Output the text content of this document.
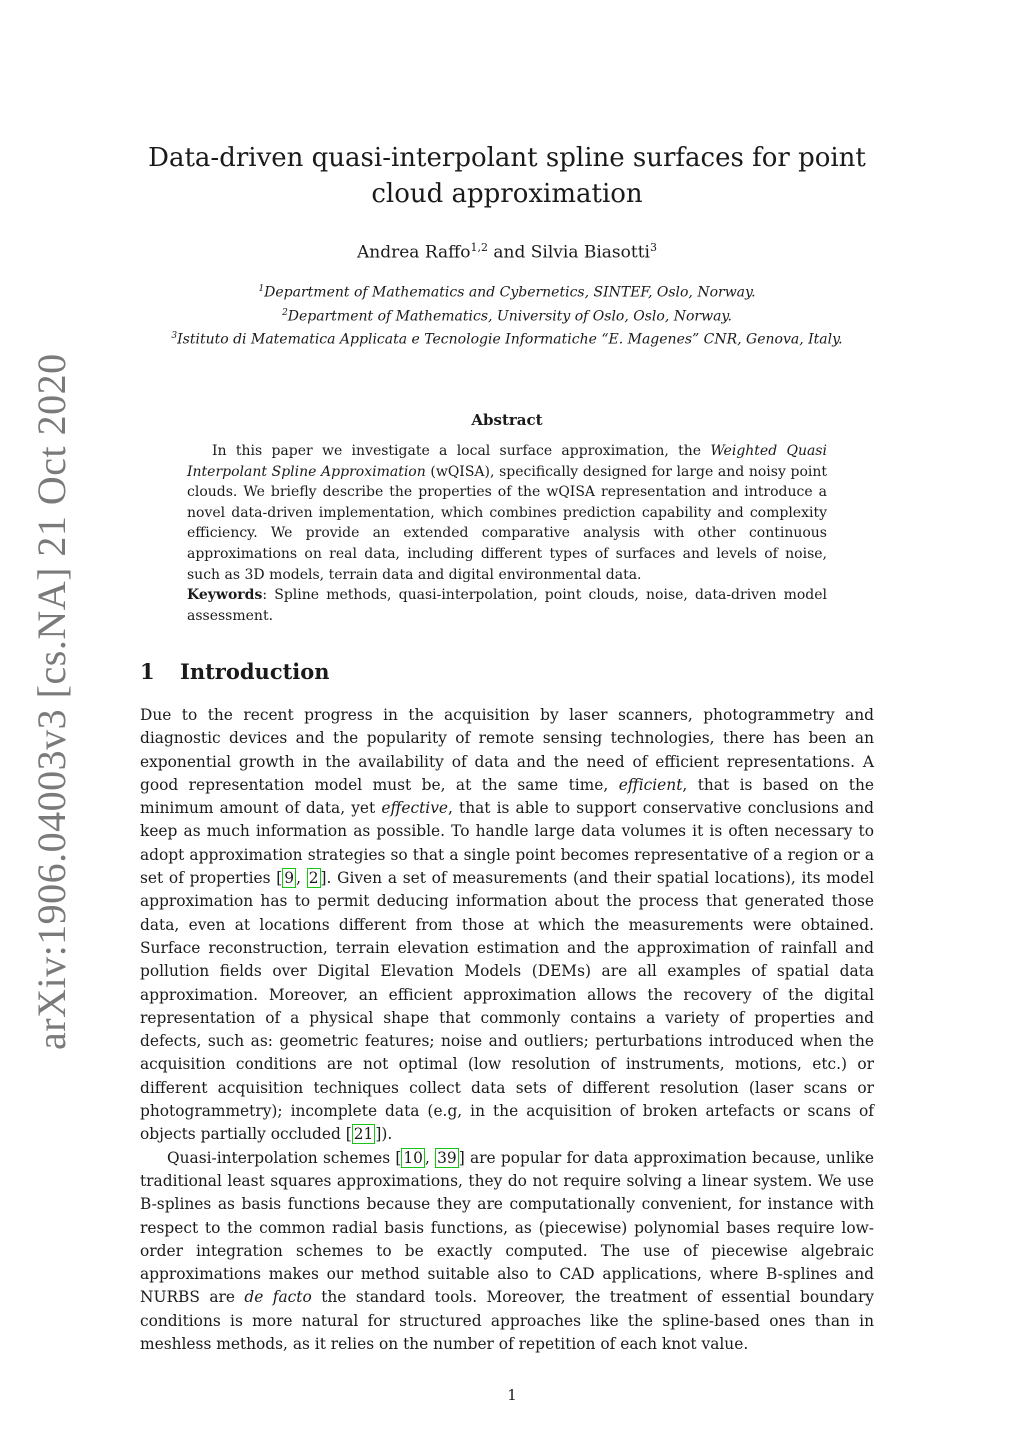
arXiv:1906.04003v3 [cs.NA] 21 Oct 2020
Data-driven quasi-interpolant spline surfaces for point cloud approximation
Andrea Raffo$^{1,2}$ and Silvia Biasotti$^3$
$^1$Department of Mathematics and Cybernetics, SINTEF, Oslo, Norway.
$^2$Department of Mathematics, University of Oslo, Oslo, Norway.
$^3$Istituto di Matematica Applicata e Tecnologie Informatiche “E. Magenes” CNR, Genova, Italy.
Abstract

In this paper we investigate a local surface approximation, the Weighted Quasi Interpolant Spline Approximation (wQISA), specifically designed for large and noisy point clouds. We briefly describe the properties of the wQISA representation and introduce a novel data-driven implementation, which combines prediction capability and complexity efficiency. We provide an extended comparative analysis with other continuous approximations on real data, including different types of surfaces and levels of noise, such as 3D models, terrain data and digital environmental data.

Keywords: Spline methods, quasi-interpolation, point clouds, noise, data-driven model assessment.

1 Introduction

Due to the recent progress in the acquisition by laser scanners, photogrammetry and diagnostic devices and the popularity of remote sensing technologies, there has been an exponential growth in the availability of data and the need of efficient representations. A good representation model must be, at the same time, efficient, that is based on the minimum amount of data, yet effective, that is able to support conservative conclusions and keep as much information as possible. To handle large data volumes it is often necessary to adopt approximation strategies so that a single point becomes representative of a region or a set of properties [ 9 , 2 ]. Given a set of measurements (and their spatial locations), its model approximation has to permit deducing information about the process that generated those data, even at locations different from those at which the measurements were obtained. Surface reconstruction, terrain elevation estimation and the approximation of rainfall and pollution fields over Digital Elevation Models (DEMs) are all examples of spatial data approximation. Moreover, an efficient approximation allows the recovery of the digital representation of a physical shape that commonly contains a variety of properties and defects, such as: geometric features; noise and outliers; perturbations introduced when the acquisition conditions are not optimal (low resolution of instruments, motions, etc.) or different acquisition techniques collect data sets of different resolution (laser scans or photogrammetry); incomplete data (e.g, in the acquisition of broken artefacts or scans of objects partially occluded [ 21 ]).

Quasi-interpolation schemes [ 10 , 39 ] are popular for data approximation because, unlike traditional least squares approximations, they do not require solving a linear system. We use B-splines as basis functions because they are computationally convenient, for instance with respect to the common radial basis functions, as (piecewise) polynomial bases require low-order integration schemes to be exactly computed. The use of piecewise algebraic approximations makes our method suitable also to CAD applications, where B-splines and NURBS are de facto the standard tools. Moreover, the treatment of essential boundary conditions is more natural for structured approaches like the spline-based ones than in meshless methods, as it relies on the number of repetition of each knot value.

1
